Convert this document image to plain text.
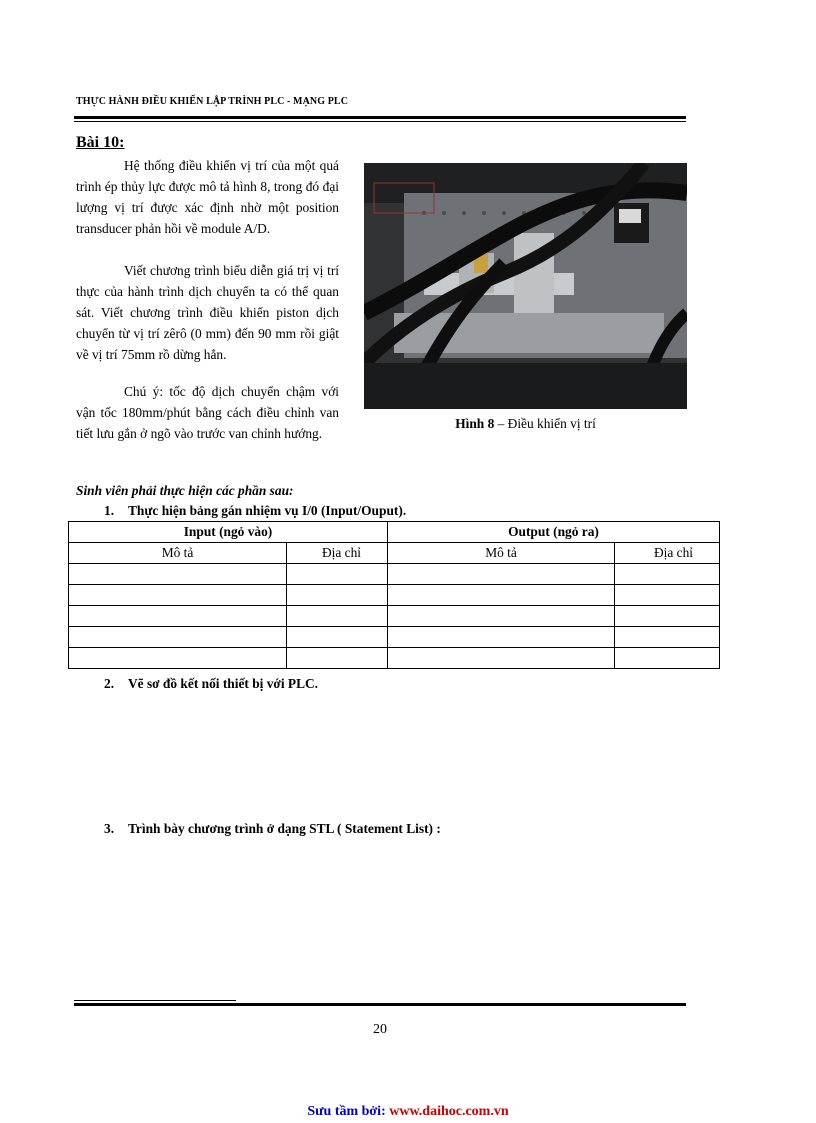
THỰC HÀNH ĐIỀU KHIỂN LẬP TRÌNH PLC - MẠNG PLC
Bài 10:
Hệ thống điều khiển vị trí của một quá trình ép thủy lực được mô tả hình 8, trong đó đại lượng vị trí được xác định nhờ một position transducer phản hồi về module A/D.
Viết chương trình biểu diễn giá trị vị trí thực của hành trình dịch chuyển ta có thể quan sát. Viết chương trình điều khiển piston dịch chuyển từ vị trí zêrô (0 mm) đến 90 mm rồi giật về vị trí 75mm rồ dừng hẳn.
Chú ý: tốc độ dịch chuyển chậm với vận tốc 180mm/phút bằng cách điều chỉnh van tiết lưu gắn ở ngõ vào trước van chỉnh hướng.
Hình 8 – Điều khiển vị trí
Sinh viên phải thực hiện các phần sau:
1. Thực hiện bảng gán nhiệm vụ I/0 (Input/Ouput).
Input (ngỏ vào)		Output (ngỏ ra)	
Mô tả	Địa chỉ	Mô tả	Địa chỉ

2. Vẽ sơ đồ kết nối thiết bị với PLC.
3. Trình bày chương trình ở dạng STL ( Statement List) :
20
Sưu tầm bởi: www.daihoc.com.vn
